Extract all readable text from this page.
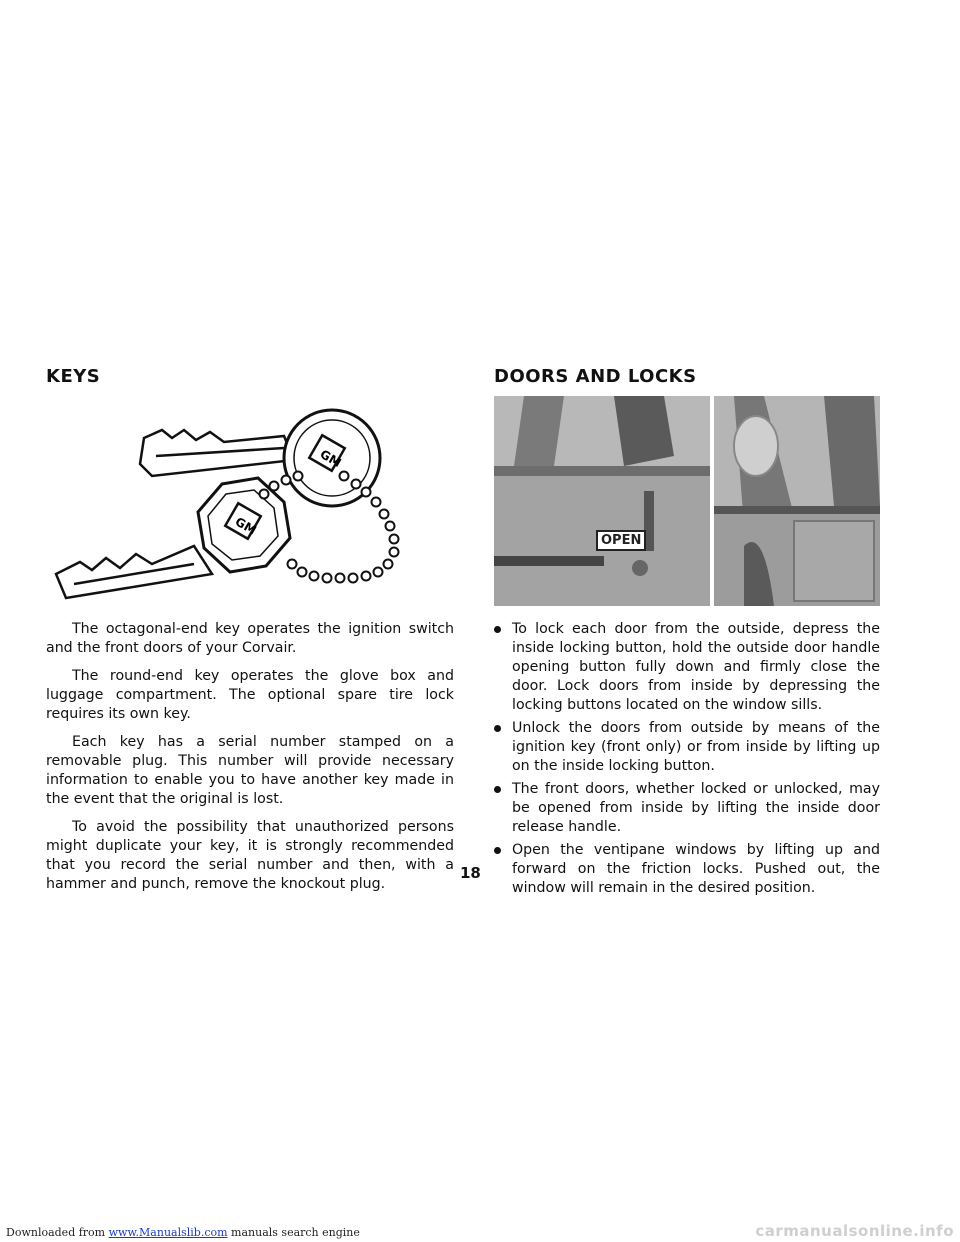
Downloaded from www.Manualslib.com manuals search engine
KEYS
GM
GM

The octagonal-end key operates the ignition switch and the front doors of your Corvair.

The round-end key operates the glove box and luggage compartment. The optional spare tire lock requires its own key.

Each key has a serial number stamped on a removable plug. This number will provide necessary information to enable you to have another key made in the event that the original is lost.

To avoid the possibility that unauthorized persons might duplicate your key, it is strongly recommended that you record the serial number and then, with a hammer and punch, remove the knockout plug.

DOORS AND LOCKS
OPEN
To lock each door from the outside, depress the inside locking button, hold the outside door handle opening button fully down and firmly close the door. Lock doors from inside by depressing the locking buttons located on the window sills.
Unlock the doors from outside by means of the ignition key (front only) or from inside by lifting up on the inside locking button.
The front doors, whether locked or unlocked, may be opened from inside by lifting the inside door release handle.
Open the ventipane windows by lifting up and forward on the friction locks. Pushed out, the window will remain in the desired position.
18
carmanualsonline.info
